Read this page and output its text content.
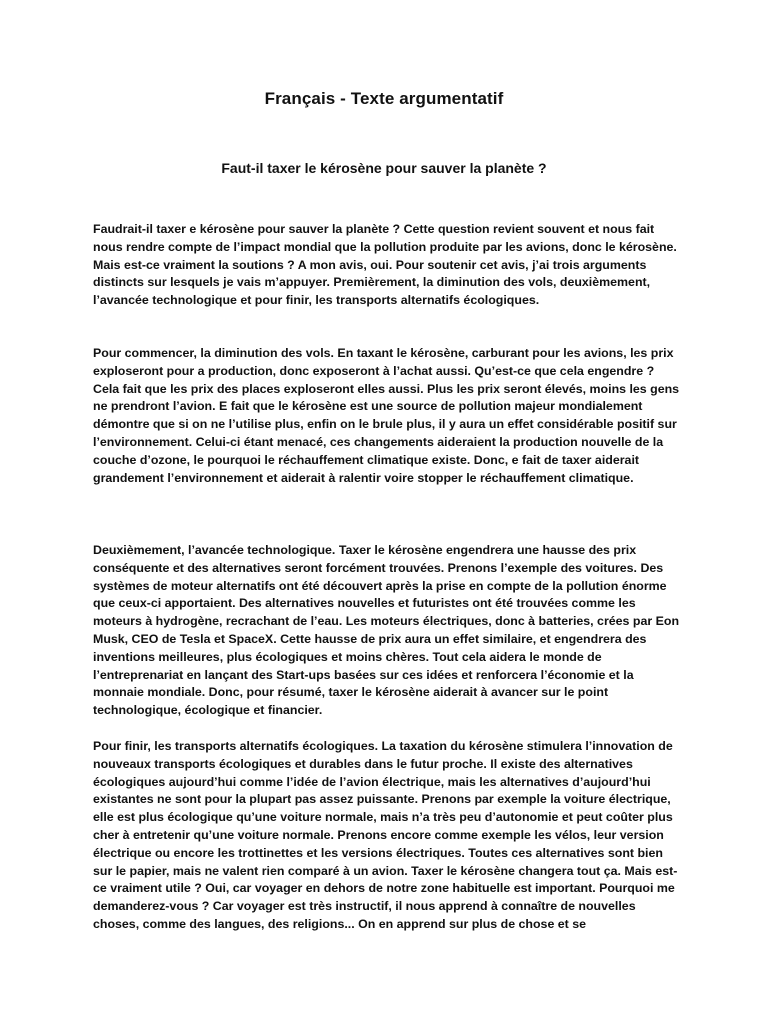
Français - Texte argumentatif
Faut-il taxer le kérosène pour sauver la planète ?

Faudrait-il taxer e kérosène pour sauver la planète ? Cette question revient souvent et nous fait nous rendre compte de l’impact mondial que la pollution produite par les avions, donc le kérosène. Mais est-ce vraiment la soutions ? A mon avis, oui. Pour soutenir cet avis, j’ai trois arguments distincts sur lesquels je vais m’appuyer. Premièrement, la diminution des vols, deuxièmement, l’avancée technologique et pour finir, les transports alternatifs écologiques.

Pour commencer, la diminution des vols. En taxant le kérosène, carburant pour les avions, les prix exploseront pour a production, donc exposeront à l’achat aussi. Qu’est-ce que cela engendre ? Cela fait que les prix des places exploseront elles aussi. Plus les prix seront élevés, moins les gens ne prendront l’avion. E fait que le kérosène est une source de pollution majeur mondialement démontre que si on ne l’utilise plus, enfin on le brule plus, il y aura un effet considérable positif sur l’environnement. Celui-ci étant menacé, ces changements aideraient la production nouvelle de la couche d’ozone, le pourquoi le réchauffement climatique existe. Donc, e fait de taxer aiderait grandement l’environnement et aiderait à ralentir voire stopper le réchauffement climatique.

Deuxièmement, l’avancée technologique. Taxer le kérosène engendrera une hausse des prix conséquente et des alternatives seront forcément trouvées. Prenons l’exemple des voitures. Des systèmes de moteur alternatifs ont été découvert après la prise en compte de la pollution énorme que ceux-ci apportaient. Des alternatives nouvelles et futuristes ont été trouvées comme les moteurs à hydrogène, recrachant de l’eau. Les moteurs électriques, donc à batteries, crées par Eon Musk, CEO de Tesla et SpaceX. Cette hausse de prix aura un effet similaire, et engendrera des inventions meilleures, plus écologiques et moins chères. Tout cela aidera le monde de l’entreprenariat en lançant des Start-ups basées sur ces idées et renforcera l’économie et la monnaie mondiale. Donc, pour résumé, taxer le kérosène aiderait à avancer sur le point technologique, écologique et financier.

Pour finir, les transports alternatifs écologiques. La taxation du kérosène stimulera l’innovation de nouveaux transports écologiques et durables dans le futur proche. Il existe des alternatives écologiques aujourd’hui comme l’idée de l’avion électrique, mais les alternatives d’aujourd’hui existantes ne sont pour la plupart pas assez puissante. Prenons par exemple la voiture électrique, elle est plus écologique qu’une voiture normale, mais n’a très peu d’autonomie et peut coûter plus cher à entretenir qu’une voiture normale. Prenons encore comme exemple les vélos, leur version électrique ou encore les trottinettes et les versions électriques. Toutes ces alternatives sont bien sur le papier, mais ne valent rien comparé à un avion. Taxer le kérosène changera tout ça. Mais est-ce vraiment utile ? Oui, car voyager en dehors de notre zone habituelle est important. Pourquoi me demanderez-vous ? Car voyager est très instructif, il nous apprend à connaître de nouvelles choses, comme des langues, des religions... On en apprend sur plus de chose et se
